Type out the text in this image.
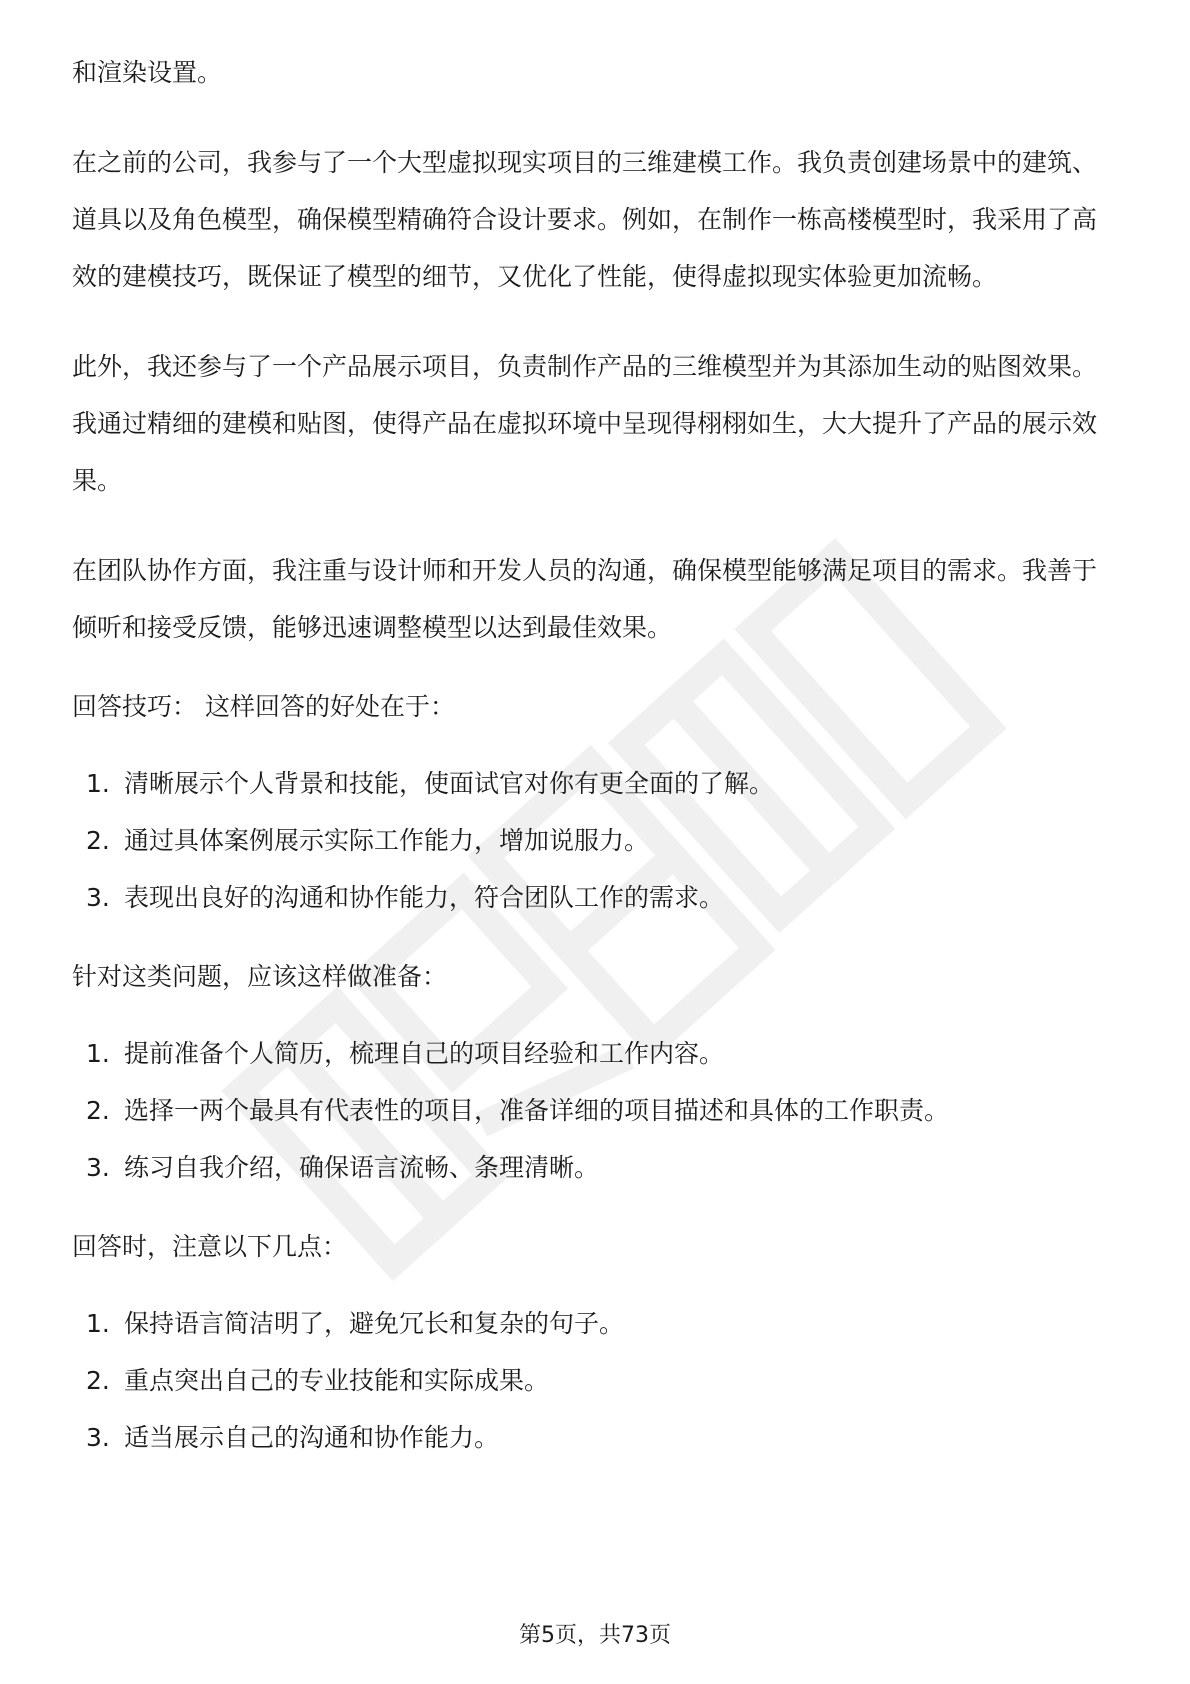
和渲染设置。

在之前的公司，我参与了一个大型虚拟现实项目的三维建模工作。我负责创建场景中的建筑、道具以及角色模型，确保模型精确符合设计要求。例如，在制作一栋高楼模型时，我采用了高效的建模技巧，既保证了模型的细节，又优化了性能，使得虚拟现实体验更加流畅。

此外，我还参与了一个产品展示项目，负责制作产品的三维模型并为其添加生动的贴图效果。我通过精细的建模和贴图，使得产品在虚拟环境中呈现得栩栩如生，大大提升了产品的展示效果。

在团队协作方面，我注重与设计师和开发人员的沟通，确保模型能够满足项目的需求。我善于倾听和接受反馈，能够迅速调整模型以达到最佳效果。

回答技巧： 这样回答的好处在于：

1. 清晰展示个人背景和技能，使面试官对你有更全面的了解。
2. 通过具体案例展示实际工作能力，增加说服力。
3. 表现出良好的沟通和协作能力，符合团队工作的需求。

针对这类问题，应该这样做准备：

1. 提前准备个人简历，梳理自己的项目经验和工作内容。
2. 选择一两个最具有代表性的项目，准备详细的项目描述和具体的工作职责。
3. 练习自我介绍，确保语言流畅、条理清晰。

回答时，注意以下几点：

1. 保持语言简洁明了，避免冗长和复杂的句子。
2. 重点突出自己的专业技能和实际成果。
3. 适当展示自己的沟通和协作能力。
第5页，共73页
